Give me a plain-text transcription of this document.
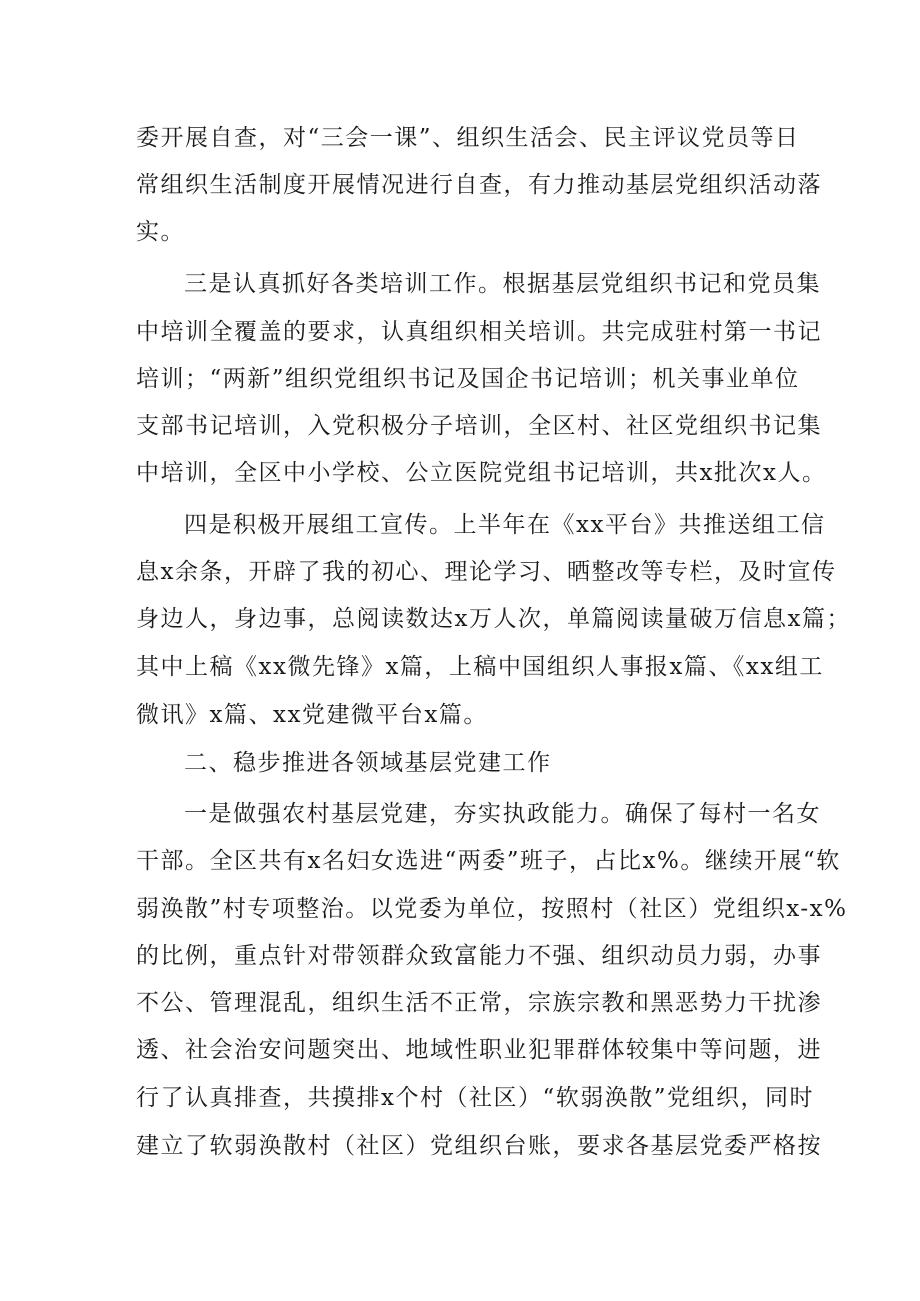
委开展自查，对“三会一课”、组织生活会、民主评议党员等日
常组织生活制度开展情况进行自查，有力推动基层党组织活动落
实。
三是认真抓好各类培训工作。根据基层党组织书记和党员集
中培训全覆盖的要求，认真组织相关培训。共完成驻村第一书记
培训；“两新”组织党组织书记及国企书记培训；机关事业单位
支部书记培训，入党积极分子培训，全区村、社区党组织书记集
中培训，全区中小学校、公立医院党组书记培训，共x批次x人。
四是积极开展组工宣传。上半年在《xx平台》共推送组工信
息x余条，开辟了我的初心、理论学习、晒整改等专栏，及时宣传
身边人，身边事，总阅读数达x万人次，单篇阅读量破万信息x篇；
其中上稿《xx微先锋》x篇，上稿中国组织人事报x篇、《xx组工
微讯》x篇、xx党建微平台x篇。
二、稳步推进各领域基层党建工作
一是做强农村基层党建，夯实执政能力。确保了每村一名女
干部。全区共有x名妇女选进“两委”班子，占比x%。继续开展“软
弱涣散”村专项整治。以党委为单位，按照村（社区）党组织x-x%
的比例，重点针对带领群众致富能力不强、组织动员力弱，办事
不公、管理混乱，组织生活不正常，宗族宗教和黑恶势力干扰渗
透、社会治安问题突出、地域性职业犯罪群体较集中等问题，进
行了认真排查，共摸排x个村（社区）“软弱涣散”党组织，同时
建立了软弱涣散村（社区）党组织台账，要求各基层党委严格按
